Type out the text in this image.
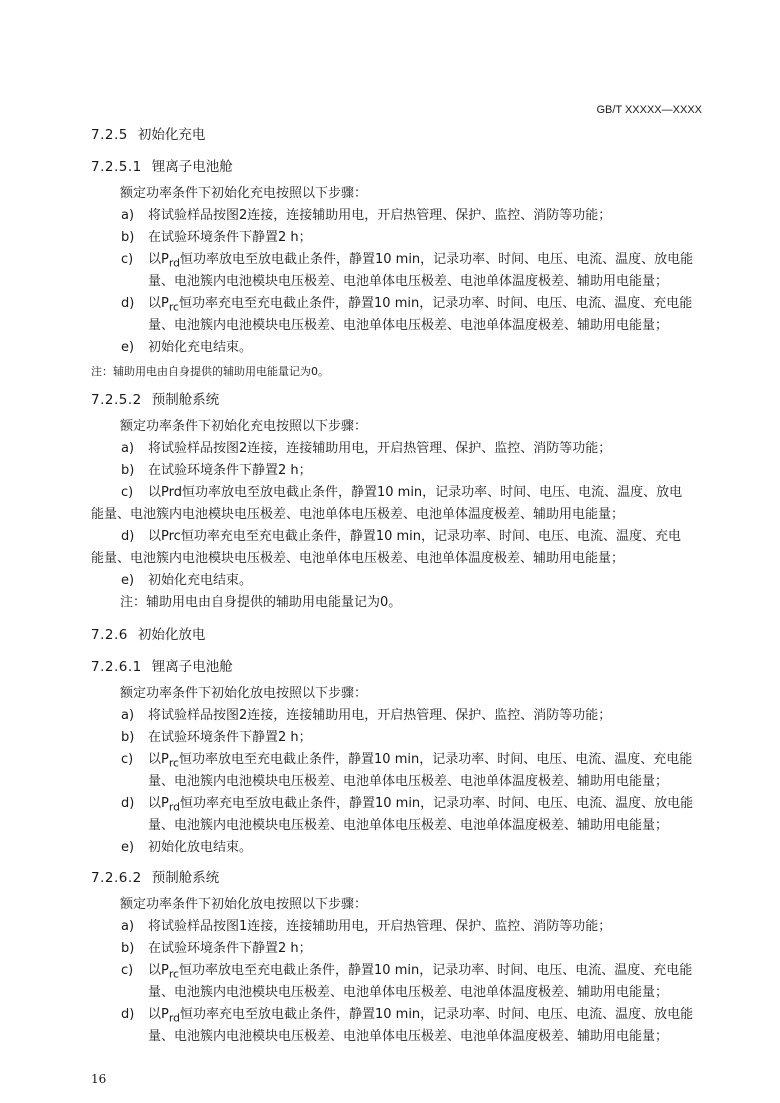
GB/T XXXXX—XXXX
7.2.5 初始化充电
7.2.5.1 锂离子电池舱
额定功率条件下初始化充电按照以下步骤：
a) 将试验样品按图2连接，连接辅助用电，开启热管理、保护、监控、消防等功能；
b) 在试验环境条件下静置2 h；
c) 以$P_{rd}$恒功率放电至放电截止条件，静置10 min，记录功率、时间、电压、电流、温度、放电能
量、电池簇内电池模块电压极差、电池单体电压极差、电池单体温度极差、辅助用电能量；
d) 以$P_{rc}$恒功率充电至充电截止条件，静置10 min，记录功率、时间、电压、电流、温度、充电能
量、电池簇内电池模块电压极差、电池单体电压极差、电池单体温度极差、辅助用电能量；
e) 初始化充电结束。
注：辅助用电由自身提供的辅助用电能量记为0。
7.2.5.2 预制舱系统
额定功率条件下初始化充电按照以下步骤：
a) 将试验样品按图2连接，连接辅助用电，开启热管理、保护、监控、消防等功能；
b) 在试验环境条件下静置2 h；
c) 以Prd恒功率放电至放电截止条件，静置10 min，记录功率、时间、电压、电流、温度、放电
能量、电池簇内电池模块电压极差、电池单体电压极差、电池单体温度极差、辅助用电能量；
d) 以Prc恒功率充电至充电截止条件，静置10 min，记录功率、时间、电压、电流、温度、充电
能量、电池簇内电池模块电压极差、电池单体电压极差、电池单体温度极差、辅助用电能量；
e) 初始化充电结束。
注：辅助用电由自身提供的辅助用电能量记为0。
7.2.6 初始化放电
7.2.6.1 锂离子电池舱
额定功率条件下初始化放电按照以下步骤：
a) 将试验样品按图2连接，连接辅助用电，开启热管理、保护、监控、消防等功能；
b) 在试验环境条件下静置2 h；
c) 以$P_{rc}$恒功率放电至充电截止条件，静置10 min，记录功率、时间、电压、电流、温度、充电能
量、电池簇内电池模块电压极差、电池单体电压极差、电池单体温度极差、辅助用电能量；
d) 以$P_{rd}$恒功率充电至放电截止条件，静置10 min，记录功率、时间、电压、电流、温度、放电能
量、电池簇内电池模块电压极差、电池单体电压极差、电池单体温度极差、辅助用电能量；
e) 初始化放电结束。
7.2.6.2 预制舱系统
额定功率条件下初始化放电按照以下步骤：
a) 将试验样品按图1连接，连接辅助用电，开启热管理、保护、监控、消防等功能；
b) 在试验环境条件下静置2 h；
c) 以$P_{rc}$恒功率放电至充电截止条件，静置10 min，记录功率、时间、电压、电流、温度、充电能
量、电池簇内电池模块电压极差、电池单体电压极差、电池单体温度极差、辅助用电能量；
d) 以$P_{rd}$恒功率充电至放电截止条件，静置10 min，记录功率、时间、电压、电流、温度、放电能
量、电池簇内电池模块电压极差、电池单体电压极差、电池单体温度极差、辅助用电能量；
16
